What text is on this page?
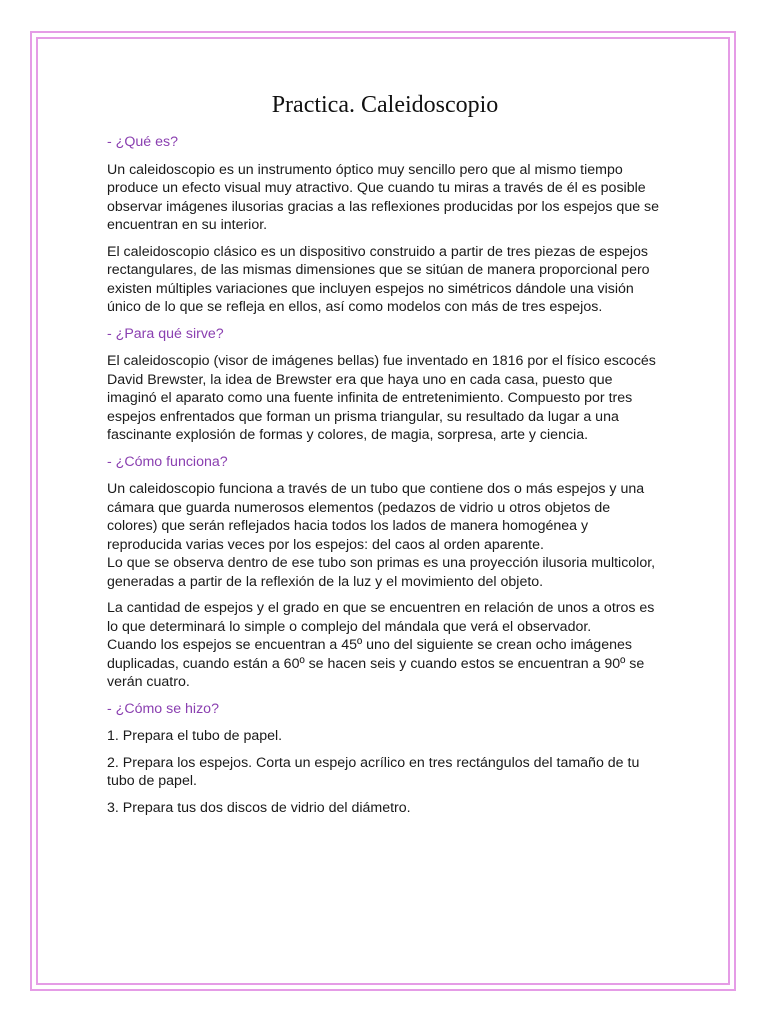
Practica. Caleidoscopio
- ¿Qué es?

Un caleidoscopio es un instrumento óptico muy sencillo pero que al mismo tiempo produce un efecto visual muy atractivo. Que cuando tu miras a través de él es posible observar imágenes ilusorias gracias a las reflexiones producidas por los espejos que se encuentran en su interior.

El caleidoscopio clásico es un dispositivo construido a partir de tres piezas de espejos rectangulares, de las mismas dimensiones que se sitúan de manera proporcional pero existen múltiples variaciones que incluyen espejos no simétricos dándole una visión único de lo que se refleja en ellos, así como modelos con más de tres espejos.

- ¿Para qué sirve?

El caleidoscopio (visor de imágenes bellas) fue inventado en 1816 por el físico escocés David Brewster, la idea de Brewster era que haya uno en cada casa, puesto que imaginó el aparato como una fuente infinita de entretenimiento. Compuesto por tres espejos enfrentados que forman un prisma triangular, su resultado da lugar a una fascinante explosión de formas y colores, de magia, sorpresa, arte y ciencia.

- ¿Cómo funciona?

Un caleidoscopio funciona a través de un tubo que contiene dos o más espejos y una cámara que guarda numerosos elementos (pedazos de vidrio u otros objetos de colores) que serán reflejados hacia todos los lados de manera homogénea y reproducida varias veces por los espejos: del caos al orden aparente.
Lo que se observa dentro de ese tubo son primas es una proyección ilusoria multicolor, generadas a partir de la reflexión de la luz y el movimiento del objeto.

La cantidad de espejos y el grado en que se encuentren en relación de unos a otros es lo que determinará lo simple o complejo del mándala que verá el observador.
Cuando los espejos se encuentran a 45º uno del siguiente se crean ocho imágenes duplicadas, cuando están a 60º se hacen seis y cuando estos se encuentran a 90º se verán cuatro.

- ¿Cómo se hizo?

1. Prepara el tubo de papel.

2. Prepara los espejos. Corta un espejo acrílico en tres rectángulos del tamaño de tu tubo de papel.

3. Prepara tus dos discos de vidrio del diámetro.
